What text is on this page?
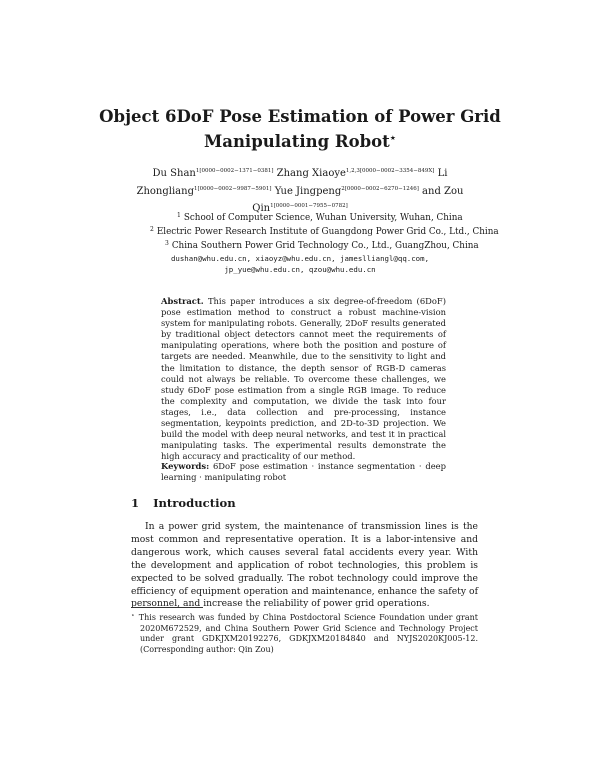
Object 6DoF Pose Estimation of Power Grid
Manipulating Robot⋆
Du Shan$^{1[0000-0002-1371-0381]}$ Zhang Xiaoye$^{1,2,3[0000-0002-3354-849X]}$ Li Zhongliang$^{1[0000-0002-9987-5901]}$ Yue Jingpeng$^{2[0000-0002-6270-1246]}$ and Zou Qin$^{1[0000-0001-7955-0782]}$
$^1$ School of Computer Science, Wuhan University, Wuhan, China
$^2$ Electric Power Research Institute of Guangdong Power Grid Co., Ltd., China
$^3$ China Southern Power Grid Technology Co., Ltd., GuangZhou, China
dushan@whu.edu.cn, xiaoyz@whu.edu.cn, jameslliangl@qq.com,
jp_yue@whu.edu.cn, qzou@whu.edu.cn
Abstract. This paper introduces a six degree-of-freedom (6DoF) pose estimation method to construct a robust machine-vision system for manipulating robots. Generally, 2DoF results generated by traditional object detectors cannot meet the requirements of manipulating operations, where both the position and posture of targets are needed. Meanwhile, due to the sensitivity to light and the limitation to distance, the depth sensor of RGB-D cameras could not always be reliable. To overcome these challenges, we study 6DoF pose estimation from a single RGB image. To reduce the complexity and computation, we divide the task into four stages, i.e., data collection and pre-processing, instance segmentation, keypoints prediction, and 2D-to-3D projection. We build the model with deep neural networks, and test it in practical manipulating tasks. The experimental results demonstrate the high accuracy and practicality of our method.
Keywords: 6DoF pose estimation · instance segmentation · deep learning · manipulating robot
1 Introduction
In a power grid system, the maintenance of transmission lines is the most common and representative operation. It is a labor-intensive and dangerous work, which causes several fatal accidents every year. With the development and application of robot technologies, this problem is expected to be solved gradually. The robot technology could improve the efficiency of equipment operation and maintenance, enhance the safety of personnel, and increase the reliability of power grid operations.
⋆ This research was funded by China Postdoctoral Science Foundation under grant 2020M672529, and China Southern Power Grid Science and Technology Project under grant GDKJXM20192276, GDKJXM20184840 and NYJS2020KJ005-12. (Corresponding author: Qin Zou)
